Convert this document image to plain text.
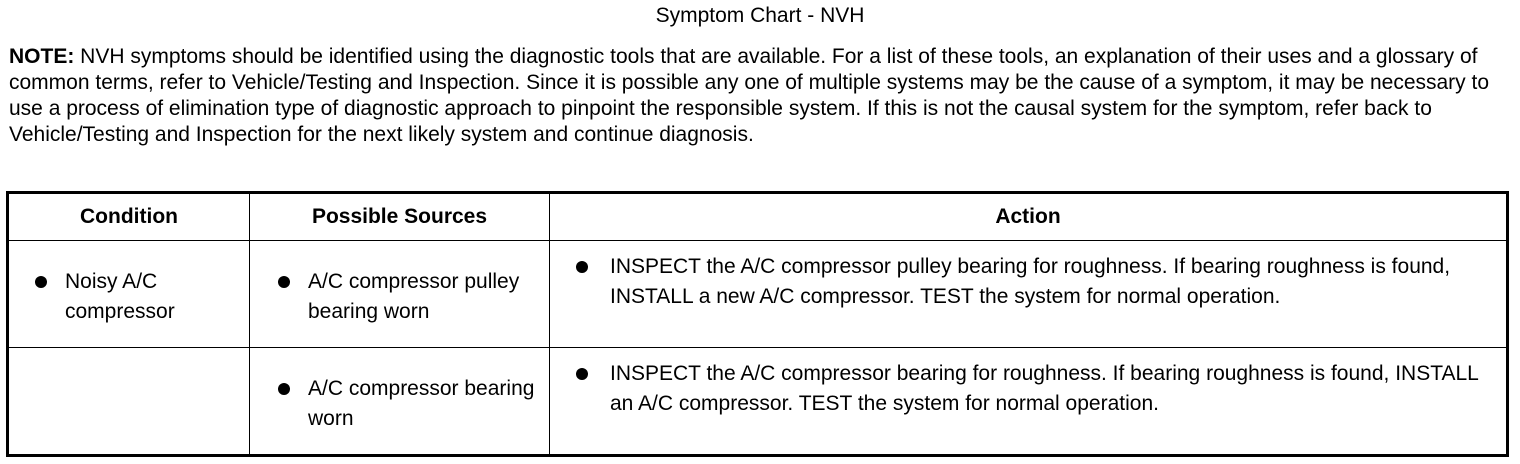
Symptom Chart - NVH
NOTE: NVH symptoms should be identified using the diagnostic tools that are available. For a list of these tools, an explanation of their uses and a glossary of common terms, refer to Vehicle/Testing and Inspection. Since it is possible any one of multiple systems may be the cause of a symptom, it may be necessary to use a process of elimination type of diagnostic approach to pinpoint the responsible system. If this is not the causal system for the symptom, refer back to Vehicle/Testing and Inspection for the next likely system and continue diagnosis.
Condition	Possible Sources	Action

Noisy A/C compressor	A/C compressor pulley bearing worn	INSPECT the A/C compressor pulley bearing for roughness. If bearing roughness is found, INSTALL a new A/C compressor. TEST the system for normal operation.

	A/C compressor bearing worn	INSPECT the A/C compressor bearing for roughness. If bearing roughness is found, INSTALL an A/C compressor. TEST the system for normal operation.
